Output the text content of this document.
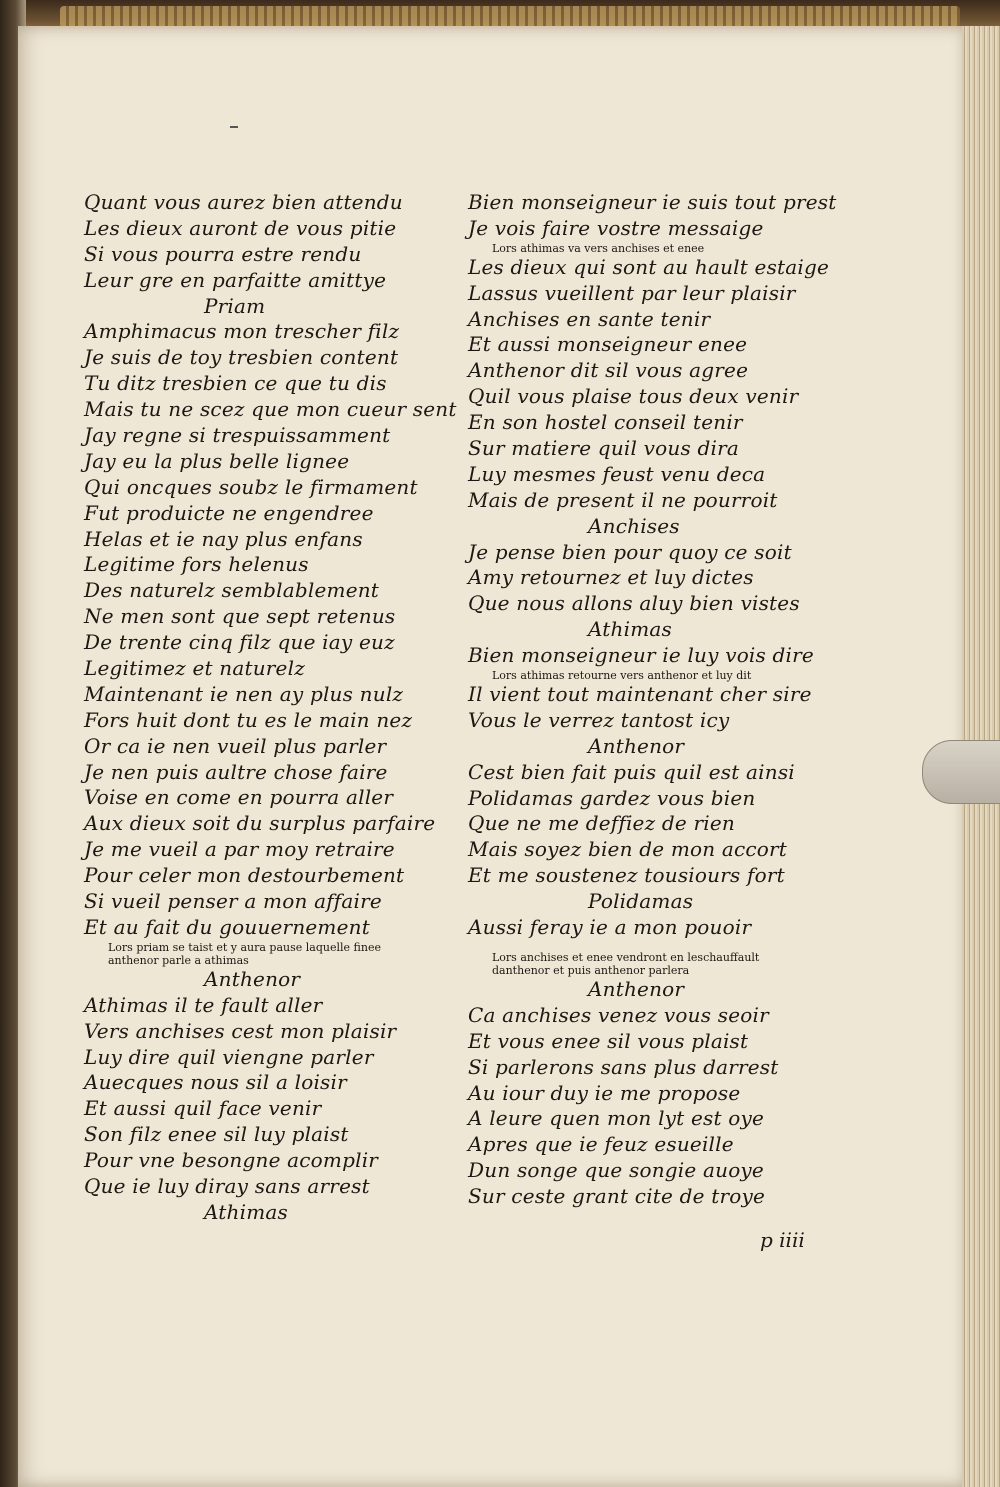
Quant vous aurez bien attendu
Les dieux auront de vous pitie
Si vous pourra estre rendu
Leur gre en parfaitte amittye
Priam
Amphimacus mon trescher filz
Je suis de toy tresbien content
Tu ditz tresbien ce que tu dis
Mais tu ne scez que mon cueur sent
Jay regne si trespuissamment
Jay eu la plus belle lignee
Qui oncques soubz le firmament
Fut produicte ne engendree
Helas et ie nay plus enfans
Legitime fors helenus
Des naturelz semblablement
Ne men sont que sept retenus
De trente cinq filz que iay euz
Legitimez et naturelz
Maintenant ie nen ay plus nulz
Fors huit dont tu es le main nez
Or ca ie nen vueil plus parler
Je nen puis aultre chose faire
Voise en come en pourra aller
Aux dieux soit du surplus parfaire
Je me vueil a par moy retraire
Pour celer mon destourbement
Si vueil penser a mon affaire
Et au fait du gouuernement
Lors priam se taist et y aura pause laquelle finee
anthenor parle a athimas
Anthenor
Athimas il te fault aller
Vers anchises cest mon plaisir
Luy dire quil viengne parler
Auecques nous sil a loisir
Et aussi quil face venir
Son filz enee sil luy plaist
Pour vne besongne acomplir
Que ie luy diray sans arrest
Athimas
Bien monseigneur ie suis tout prest
Je vois faire vostre messaige
Lors athimas va vers anchises et enee
Les dieux qui sont au hault estaige
Lassus vueillent par leur plaisir
Anchises en sante tenir
Et aussi monseigneur enee
Anthenor dit sil vous agree
Quil vous plaise tous deux venir
En son hostel conseil tenir
Sur matiere quil vous dira
Luy mesmes feust venu deca
Mais de present il ne pourroit
Anchises
Je pense bien pour quoy ce soit
Amy retournez et luy dictes
Que nous allons aluy bien vistes
Athimas
Bien monseigneur ie luy vois dire
Lors athimas retourne vers anthenor et luy dit
Il vient tout maintenant cher sire
Vous le verrez tantost icy
Anthenor
Cest bien fait puis quil est ainsi
Polidamas gardez vous bien
Que ne me deffiez de rien
Mais soyez bien de mon accort
Et me soustenez tousiours fort
Polidamas
Aussi feray ie a mon pouoir
Lors anchises et enee vendront en leschauffault
danthenor et puis anthenor parlera
Anthenor
Ca anchises venez vous seoir
Et vous enee sil vous plaist
Si parlerons sans plus darrest
Au iour duy ie me propose
A leure quen mon lyt est oye
Apres que ie feuz esueille
Dun songe que songie auoye
Sur ceste grant cite de troye
p iiii
